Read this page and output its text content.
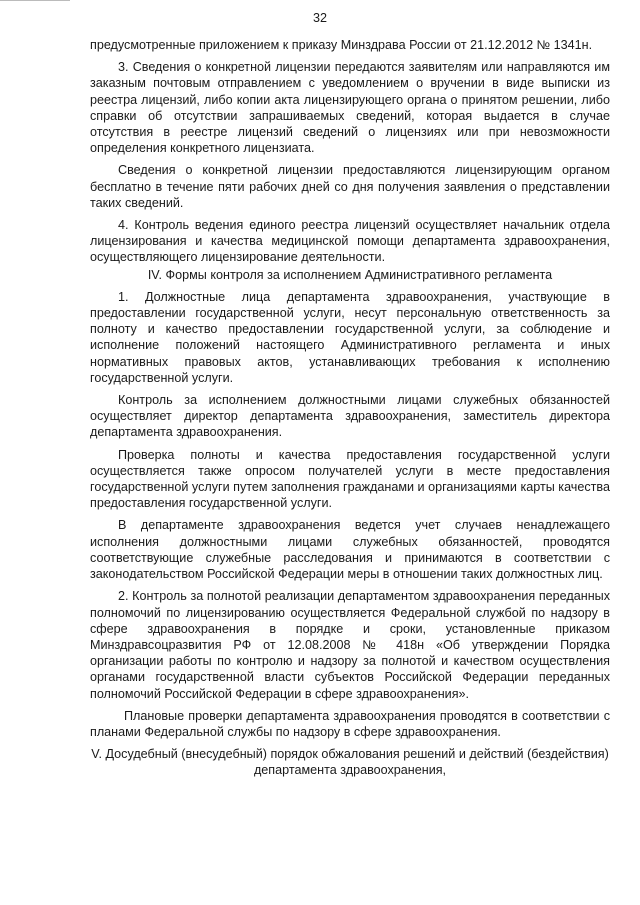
32

предусмотренные приложением к приказу Минздрава России от 21.12.2012 № 1341н.

3. Сведения о конкретной лицензии передаются заявителям или направляются им заказным почтовым отправлением с уведомлением о вручении в виде выписки из реестра лицензий, либо копии акта лицензирующего органа о принятом решении, либо справки об отсутствии запрашиваемых сведений, которая выдается в случае отсутствия в реестре лицензий сведений о лицензиях или при невозможности определения конкретного лицензиата.

Сведения о конкретной лицензии предоставляются лицензирующим органом бесплатно в течение пяти рабочих дней со дня получения заявления о представлении таких сведений.

4. Контроль ведения единого реестра лицензий осуществляет начальник отдела лицензирования и качества медицинской помощи департамента здравоохранения, осуществляющего лицензирование деятельности.

IV. Формы контроля за исполнением Административного регламента

1. Должностные лица департамента здравоохранения, участвующие в предоставлении государственной услуги, несут персональную ответственность за полноту и качество предоставлении государственной услуги, за соблюдение и исполнение положений настоящего Административного регламента и иных нормативных правовых актов, устанавливающих требования к исполнению государственной услуги.

Контроль за исполнением должностными лицами служебных обязанностей осуществляет директор департамента здравоохранения, заместитель директора департамента здравоохранения.

Проверка полноты и качества предоставления государственной услуги осуществляется также опросом получателей услуги в месте предоставления государственной услуги путем заполнения гражданами и организациями карты качества предоставления государственной услуги.

В департаменте здравоохранения ведется учет случаев ненадлежащего исполнения должностными лицами служебных обязанностей, проводятся соответствующие служебные расследования и принимаются в соответствии с законодательством Российской Федерации меры в отношении таких должностных лиц.

2. Контроль за полнотой реализации департаментом здравоохранения переданных полномочий по лицензированию осуществляется Федеральной службой по надзору в сфере здравоохранения в порядке и сроки, установленные приказом Минздравсоцразвития РФ от 12.08.2008 № 418н «Об утверждении Порядка организации работы по контролю и надзору за полнотой и качеством осуществления органами государственной власти субъектов Российской Федерации переданных полномочий Российской Федерации в сфере здравоохранения».

Плановые проверки департамента здравоохранения проводятся в соответствии с планами Федеральной службы по надзору в сфере здравоохранения.

V. Досудебный (внесудебный) порядок обжалования решений и действий (бездействия) департамента здравоохранения,
